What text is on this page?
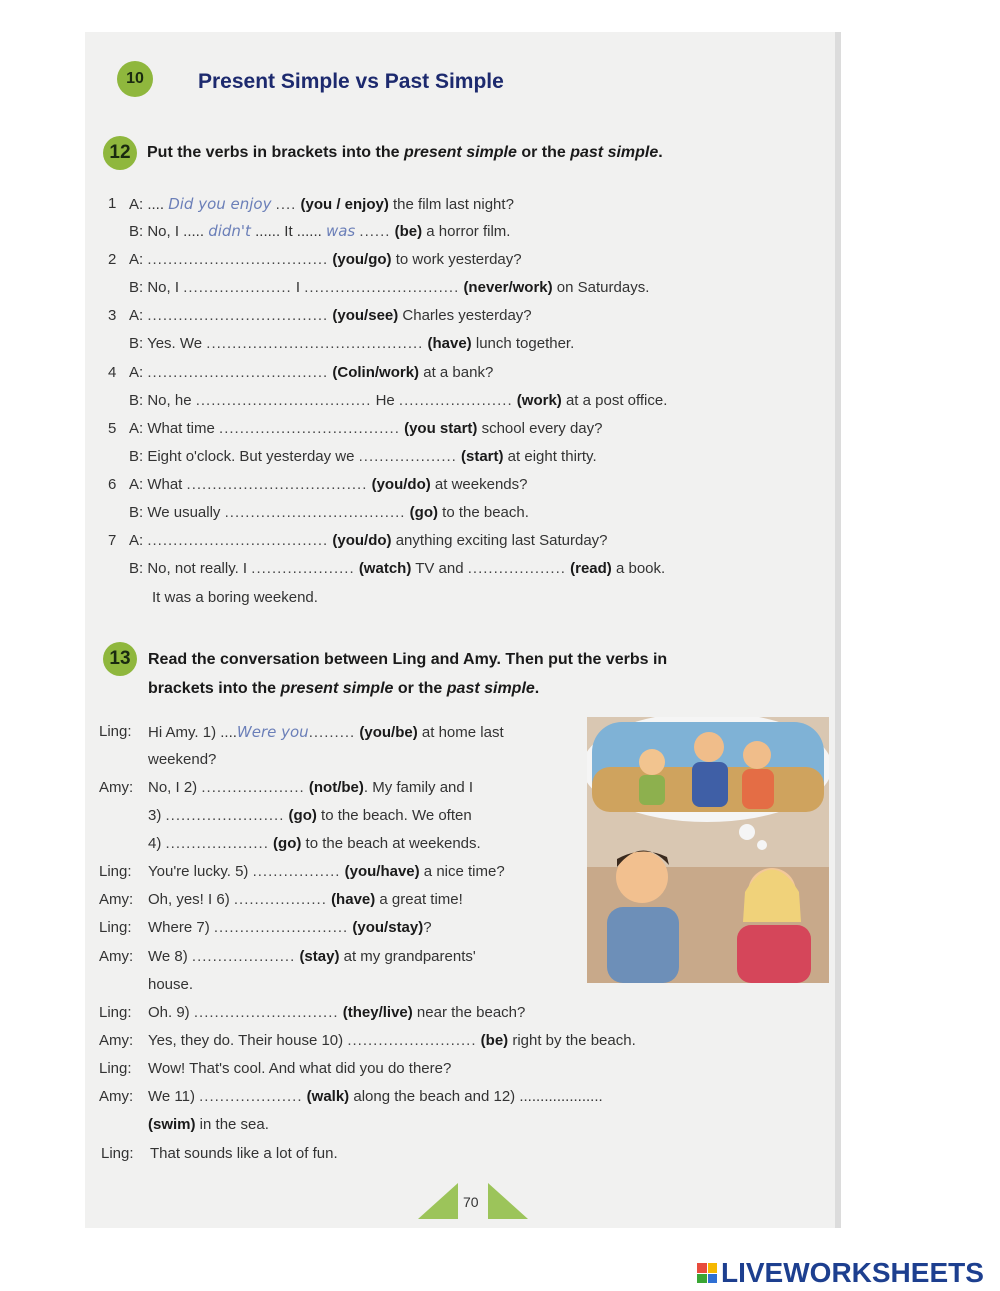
10	Present Simple vs Past Simple
12 Put the verbs in brackets into the present simple or the past simple.
1 A: .... Did you enjoy .... (you / enjoy) the film last night?
B: No, I ..... didn't ...... It ...... was ...... (be) a horror film.
2 A: ................................... (you/go) to work yesterday?
B: No, I ..................... I .............................. (never/work) on Saturdays.
3 A: ................................... (you/see) Charles yesterday?
B: Yes. We .......................................... (have) lunch together.
4 A: ................................... (Colin/work) at a bank?
B: No, he .................................. He ...................... (work) at a post office.
5 A: What time ................................... (you start) school every day?
B: Eight o'clock. But yesterday we ................... (start) at eight thirty.
6 A: What ................................... (you/do) at weekends?
B: We usually ................................... (go) to the beach.
7 A: ................................... (you/do) anything exciting last Saturday?
B: No, not really. I .................... (watch) TV and ................... (read) a book.
It was a boring weekend.
13 Read the conversation between Ling and Amy. Then put the verbs in
brackets into the present simple or the past simple.
Ling: Hi Amy. 1) ....Were you......... (you/be) at home last
weekend?
Amy: No, I 2) .................... (not/be). My family and I
3) ....................... (go) to the beach. We often
4) .................... (go) to the beach at weekends.
Ling: You're lucky. 5) ................. (you/have) a nice time?
Amy: Oh, yes! I 6) .................. (have) a great time!
Ling: Where 7) .......................... (you/stay)?
Amy: We 8) .................... (stay) at my grandparents'
house.
Ling: Oh. 9) ............................ (they/live) near the beach?
Amy: Yes, they do. Their house 10) ......................... (be) right by the beach.
Ling: Wow! That's cool. And what did you do there?
Amy: We 11) .................... (walk) along the beach and 12) ....................
(swim) in the sea.
Ling: That sounds like a lot of fun.
70
LIVEWORKSHEETS
